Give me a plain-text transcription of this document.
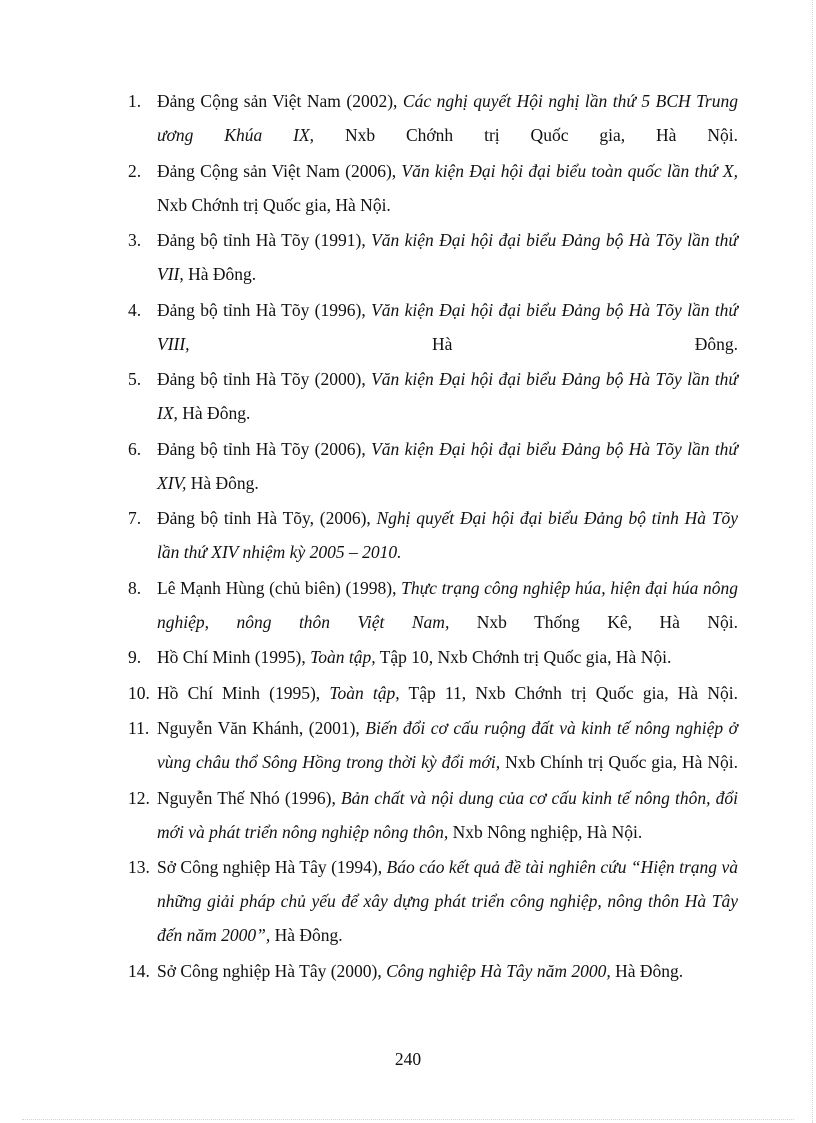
1. Đảng Cộng sản Việt Nam (2002), Các nghị quyết Hội nghị lần thứ 5 BCH Trung ương Khúa IX, Nxb Chớnh trị Quốc gia, Hà Nội.
2. Đảng Cộng sản Việt Nam (2006), Văn kiện Đại hội đại biểu toàn quốc lần thứ X, Nxb Chớnh trị Quốc gia, Hà Nội.
3. Đảng bộ tỉnh Hà Tõy (1991), Văn kiện Đại hội đại biểu Đảng bộ Hà Tõy lần thứ VII, Hà Đông.
4. Đảng bộ tỉnh Hà Tõy (1996), Văn kiện Đại hội đại biểu Đảng bộ Hà Tõy lần thứ VIII, Hà Đông.
5. Đảng bộ tỉnh Hà Tõy (2000), Văn kiện Đại hội đại biểu Đảng bộ Hà Tõy lần thứ IX, Hà Đông.
6. Đảng bộ tỉnh Hà Tõy (2006), Văn kiện Đại hội đại biểu Đảng bộ Hà Tõy lần thứ XIV, Hà Đông.
7. Đảng bộ tỉnh Hà Tõy, (2006), Nghị quyết Đại hội đại biểu Đảng bộ tỉnh Hà Tõy lần thứ XIV nhiệm kỳ 2005 – 2010.
8. Lê Mạnh Hùng (chủ biên) (1998), Thực trạng công nghiệp húa, hiện đại húa nông nghiệp, nông thôn Việt Nam, Nxb Thống Kê, Hà Nội.
9. Hồ Chí Minh (1995), Toàn tập, Tập 10, Nxb Chớnh trị Quốc gia, Hà Nội.
10. Hồ Chí Minh (1995), Toàn tập, Tập 11, Nxb Chớnh trị Quốc gia, Hà Nội.
11. Nguyễn Văn Khánh, (2001), Biến đổi cơ cấu ruộng đất và kinh tế nông nghiệp ở vùng châu thổ Sông Hồng trong thời kỳ đổi mới, Nxb Chính trị Quốc gia, Hà Nội.
12. Nguyễn Thế Nhó (1996), Bản chất và nội dung của cơ cấu kinh tế nông thôn, đổi mới và phát triển nông nghiệp nông thôn, Nxb Nông nghiệp, Hà Nội.
13. Sở Công nghiệp Hà Tây (1994), Báo cáo kết quả đề tài nghiên cứu “Hiện trạng và những giải pháp chủ yếu để xây dựng phát triển công nghiệp, nông thôn Hà Tây đến năm 2000”, Hà Đông.
14. Sở Công nghiệp Hà Tây (2000), Công nghiệp Hà Tây năm 2000, Hà Đông.
240
